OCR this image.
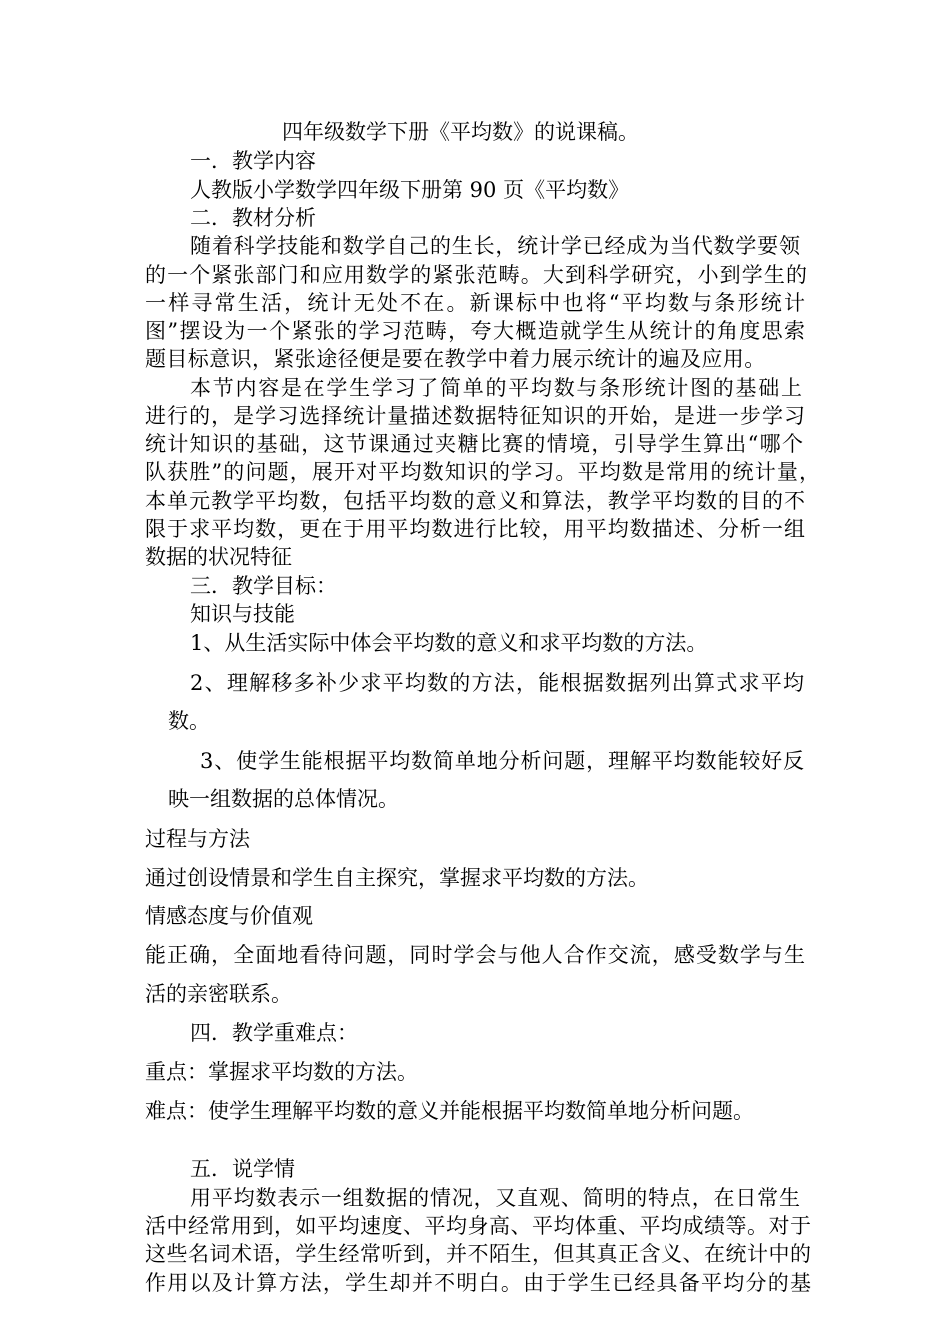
四年级数学下册《平均数》的说课稿。

一．教学内容

人教版小学数学四年级下册第 90 页《平均数》

二．教材分析

随着科学技能和数学自己的生长，统计学已经成为当代数学要领

的一个紧张部门和应用数学的紧张范畴。大到科学研究，小到学生的

一样寻常生活，统计无处不在。新课标中也将“平均数与条形统计

图”摆设为一个紧张的学习范畴，夸大概造就学生从统计的角度思索

题目标意识，紧张途径便是要在教学中着力展示统计的遍及应用。

本节内容是在学生学习了简单的平均数与条形统计图的基础上

进行的，是学习选择统计量描述数据特征知识的开始，是进一步学习

统计知识的基础，这节课通过夹糖比赛的情境，引导学生算出“哪个

队获胜”的问题，展开对平均数知识的学习。平均数是常用的统计量，

本单元教学平均数，包括平均数的意义和算法，教学平均数的目的不

限于求平均数，更在于用平均数进行比较，用平均数描述、分析一组

数据的状况特征

三．教学目标：

知识与技能

1、从生活实际中体会平均数的意义和求平均数的方法。

2、理解移多补少求平均数的方法，能根据数据列出算式求平均

数。

3、使学生能根据平均数简单地分析问题，理解平均数能较好反

映一组数据的总体情况。

过程与方法

通过创设情景和学生自主探究，掌握求平均数的方法。

情感态度与价值观

能正确，全面地看待问题，同时学会与他人合作交流，感受数学与生

活的亲密联系。

四．教学重难点：

重点：掌握求平均数的方法。

难点：使学生理解平均数的意义并能根据平均数简单地分析问题。

五．说学情

用平均数表示一组数据的情况，又直观、简明的特点，在日常生

活中经常用到，如平均速度、平均身高、平均体重、平均成绩等。对于

这些名词术语，学生经常听到，并不陌生，但其真正含义、在统计中的

作用以及计算方法，学生却并不明白。由于学生已经具备平均分的基
